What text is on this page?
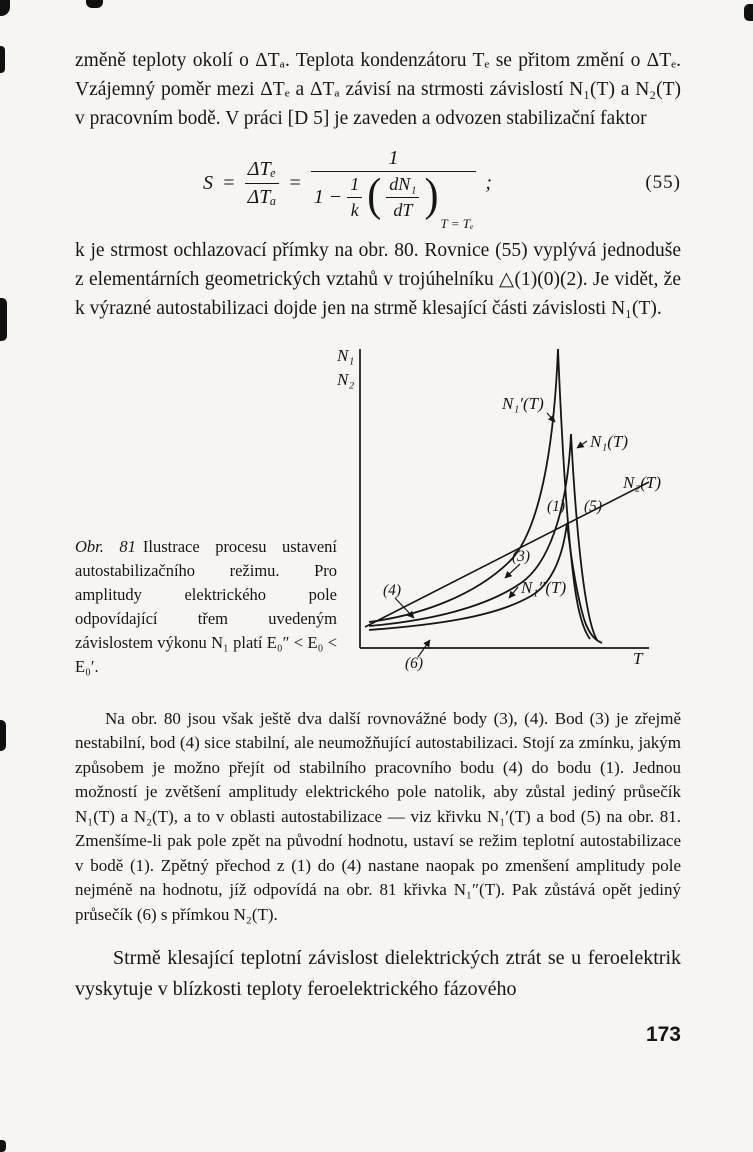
změně teploty okolí o ΔTₐ. Teplota kondenzátoru Tₑ se přitom změní o ΔTₑ. Vzájemný poměr mezi ΔTₑ a ΔTₐ závisí na strmosti závislostí N₁(T) a N₂(T) v pracovním bodě. V práci [D 5] je zaveden a odvozen stabilizační faktor

$S = \frac{\text{ΔTₑ}}{\text{ΔTₐ}}$ =
1
$1 - \frac{1}{k}$ ( $\frac{\text{dN₁}}{dT}$ )
T = Tₑ
;	(55)

k je strmost ochlazovací přímky na obr. 80. Rovnice (55) vyplývá jednoduše z elementárních geometrických vztahů v trojúhelníku △(1)(0)(2). Je vidět, že k výrazné autostabilizaci dojde jen na strmě klesající části závislosti N₁(T).

Obr. 81 Ilustrace procesu ustavení autostabilizačního režimu. Pro amplitudy elektrického pole odpovídající třem uvedeným závislostem výkonu N₁ platí E₀″ < E₀ < E₀′.

N₁
N₂
T
N₁′(T)
N₁(T)
N₂(T)
N₁″(T)
(1) (5)
(3)
(4)
(6)

Na obr. 80 jsou však ještě dva další rovnovážné body (3), (4). Bod (3) je zřejmě nestabilní, bod (4) sice stabilní, ale neumožňující autostabilizaci. Stojí za zmínku, jakým způsobem je možno přejít od stabilního pracovního bodu (4) do bodu (1). Jednou možností je zvětšení amplitudy elektrického pole natolik, aby zůstal jediný průsečík N₁(T) a N₂(T), a to v oblasti autostabilizace — viz křivku N₁′(T) a bod (5) na obr. 81. Zmenšíme-li pak pole zpět na původní hodnotu, ustaví se režim teplotní autostabilizace v bodě (1). Zpětný přechod z (1) do (4) nastane naopak po zmenšení amplitudy pole nejméně na hodnotu, jíž odpovídá na obr. 81 křivka N₁″(T). Pak zůstává opět jediný průsečík (6) s přímkou N₂(T).

Strmě klesající teplotní závislost dielektrických ztrát se u feroelektrik vyskytuje v blízkosti teploty feroelektrického fázového

173
